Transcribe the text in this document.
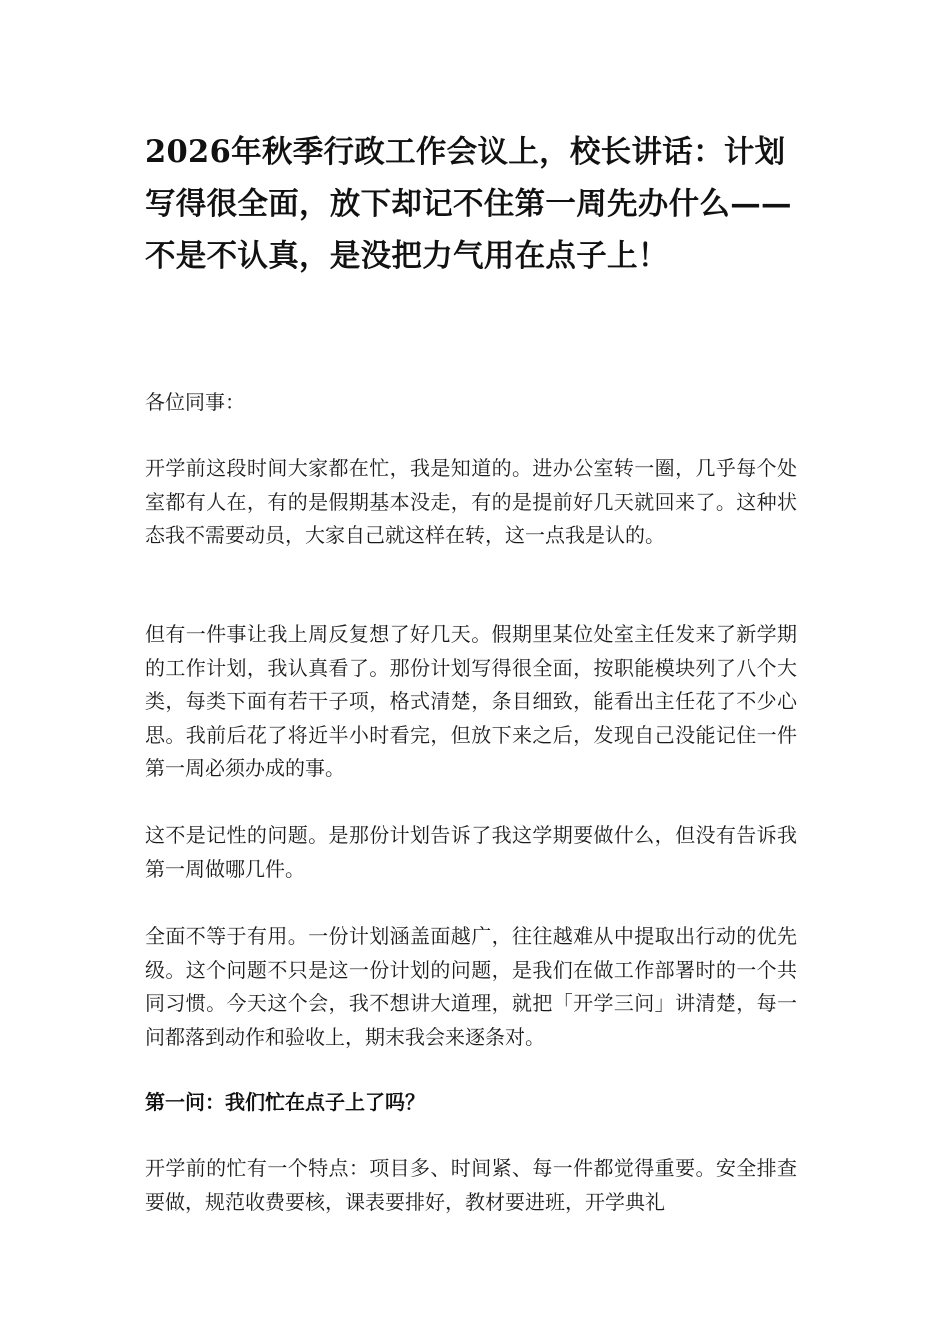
2026年秋季行政工作会议上，校长讲话：计划写得很全面，放下却记不住第一周先办什么——不是不认真，是没把力气用在点子上！

各位同事：

开学前这段时间大家都在忙，我是知道的。进办公室转一圈，几乎每个处室都有人在，有的是假期基本没走，有的是提前好几天就回来了。这种状态我不需要动员，大家自己就这样在转，这一点我是认的。

但有一件事让我上周反复想了好几天。假期里某位处室主任发来了新学期的工作计划，我认真看了。那份计划写得很全面，按职能模块列了八个大类，每类下面有若干子项，格式清楚，条目细致，能看出主任花了不少心思。我前后花了将近半小时看完，但放下来之后，发现自己没能记住一件第一周必须办成的事。

这不是记性的问题。是那份计划告诉了我这学期要做什么，但没有告诉我第一周做哪几件。

全面不等于有用。一份计划涵盖面越广，往往越难从中提取出行动的优先级。这个问题不只是这一份计划的问题，是我们在做工作部署时的一个共同习惯。今天这个会，我不想讲大道理，就把「开学三问」讲清楚，每一问都落到动作和验收上，期末我会来逐条对。

第一问：我们忙在点子上了吗？

开学前的忙有一个特点：项目多、时间紧、每一件都觉得重要。安全排查要做，规范收费要核，课表要排好，教材要进班，开学典礼
